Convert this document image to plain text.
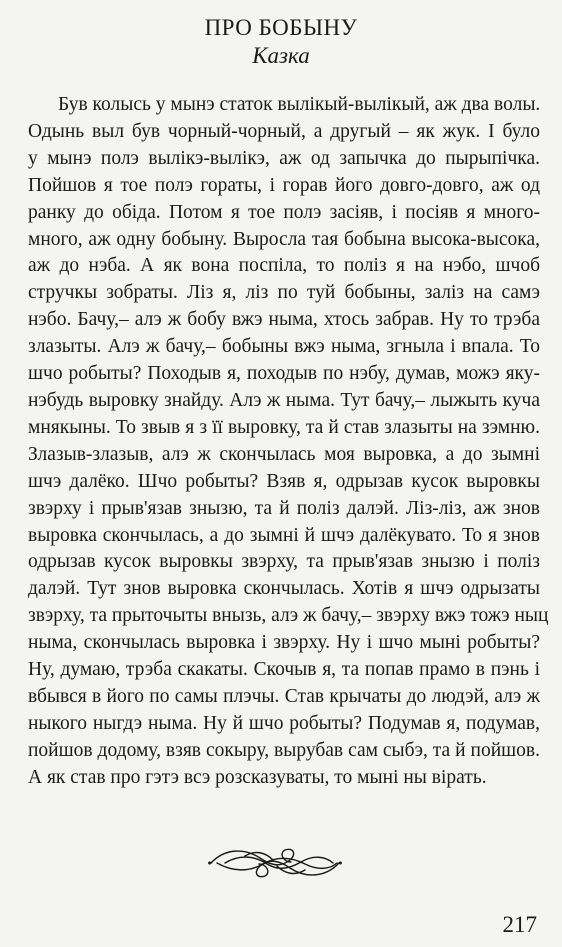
ПРО БОБЫНУ
Казка
Був колысь у мынэ статок вылікый-вылікый, аж два волы.
Одынь выл був чорный-чорный, а другый – як жук. І було
у мынэ полэ вылікэ-вылікэ, аж од запычка до пырыпічка.
Пойшов я тое полэ гораты, і горав його довго-довго, аж од
ранку до обіда. Потом я тое полэ засіяв, і посіяв я много-
много, аж одну бобыну. Выросла тая бобына высока-высока,
аж до нэба. А як вона поспіла, то поліз я на нэбо, шчоб
стручкы зобраты. Ліз я, ліз по туй бобыны, заліз на самэ
нэбо. Бачу,– алэ ж бобу вжэ ныма, хтось забрав. Ну то трэба
злазыты. Алэ ж бачу,– бобыны вжэ ныма, згныла і впала. То
шчо робыты? Походыв я, походыв по нэбу, думав, можэ яку-
нэбудь выровку знайду. Алэ ж ныма. Тут бачу,– лыжыть куча
мнякыны. То звыв я з її выровку, та й став злазыты на зэмню.
Злазыв-злазыв, алэ ж скончылась моя выровка, а до зымні
шчэ далёко. Шчо робыты? Взяв я, одрызав кусок выровкы
звэрху і прыв'язав знызю, та й поліз далэй. Ліз-ліз, аж знов
выровка скончылась, а до зымні й шчэ далёкувато. То я знов
одрызав кусок выровкы звэрху, та прыв'язав знызю і поліз
далэй. Тут знов выровка скончылась. Хотів я шчэ одрызаты
звэрху, та прыточыты внызь, алэ ж бачу,– звэрху вжэ тожэ ныц
ныма, скончылась выровка і звэрху. Ну і шчо мыні робыты?
Ну, думаю, трэба скакаты. Скочыв я, та попав прамо в пэнь і
вбывся в його по самы плэчы. Став крычаты до людэй, алэ ж
ныкого ныгдэ ныма. Ну й шчо робыты? Подумав я, подумав,
пойшов додому, взяв сокыру, вырубав сам сыбэ, та й пойшов.
А як став про гэтэ всэ розсказуваты, то мыні ны вірать.
217
